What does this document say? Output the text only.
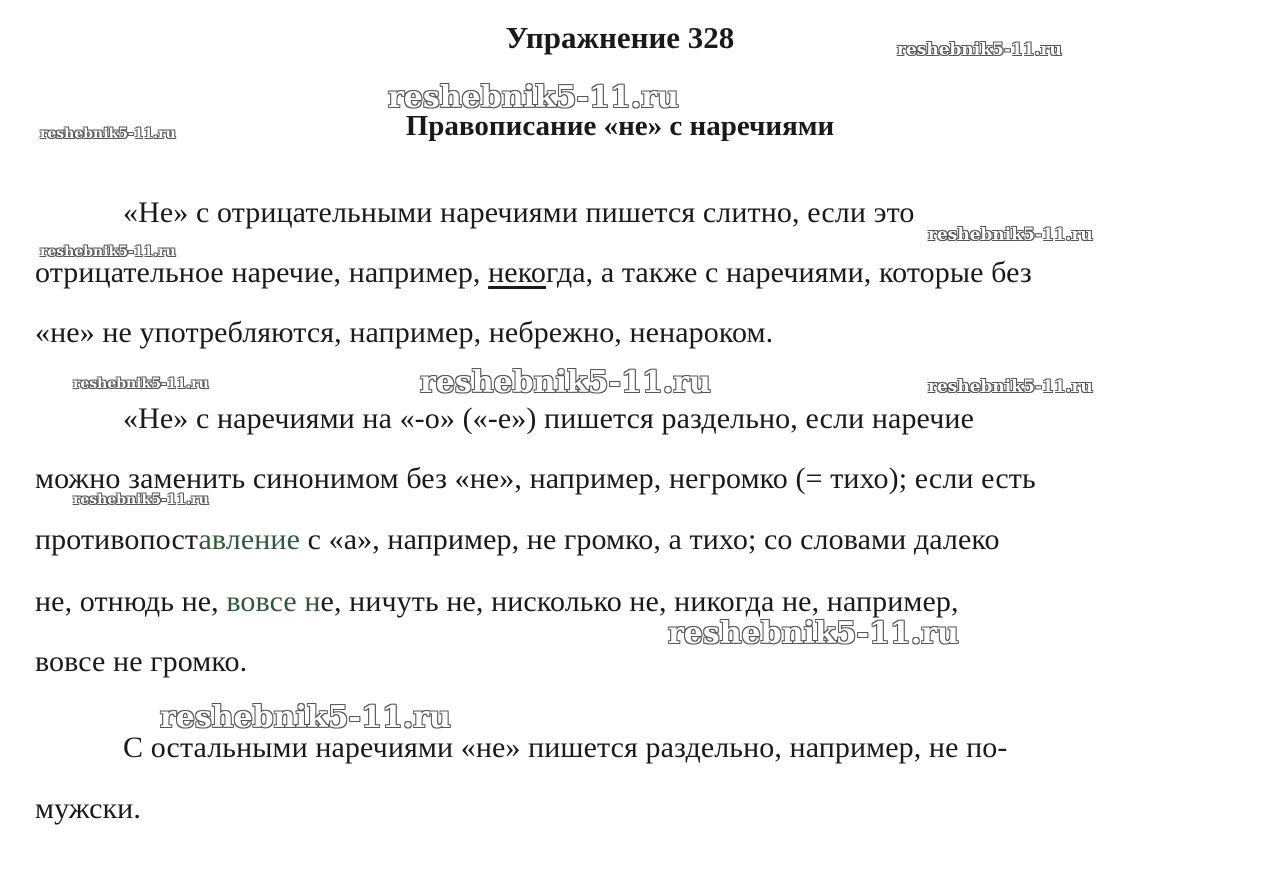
Упражнение 328
Правописание «не» с наречиями
«Не» с отрицательными наречиями пишется слитно, если это
отрицательное наречие, например, некогда, а также с наречиями, которые без
«не» не употребляются, например, небрежно, ненароком.
«Не» с наречиями на «-о» («-е») пишется раздельно, если наречие
можно заменить синонимом без «не», например, негромко (= тихо); если есть
противопоставление с «а», например, не громко, а тихо; со словами далеко
не, отнюдь не, вовсе не, ничуть не, нисколько не, никогда не, например,
вовсе не громко.
С остальными наречиями «не» пишется раздельно, например, не по-
мужски.
reshebnik5-11.ru
reshebnik5-11.ru
reshebnik5-11.ru
reshebnik5-11.ru
reshebnik5-11.ru
reshebnik5-11.ru	reshebnik5-11.ru	reshebnik5-11.ru
reshebnik5-11.ru
reshebnik5-11.ru
reshebnik5-11.ru
